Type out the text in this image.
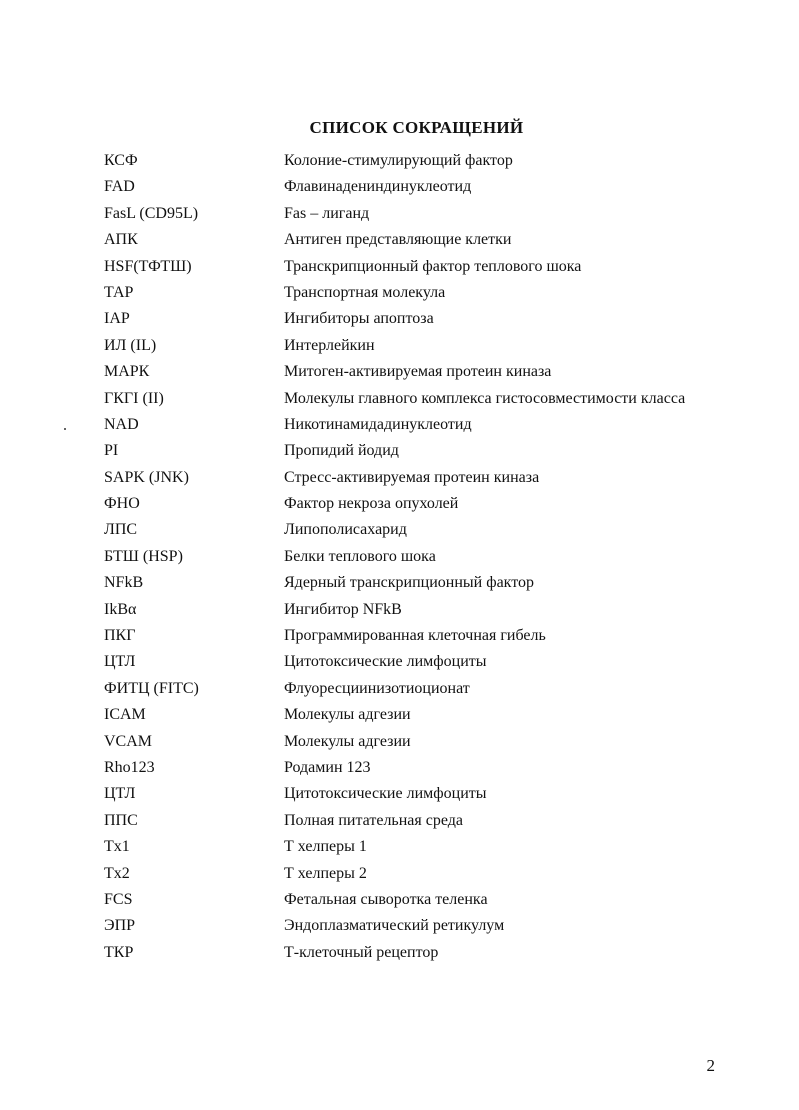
СПИСОК СОКРАЩЕНИЙ
КСФ	Колоние-стимулирующий фактор
FAD	Флавинадениндинуклеотид
FasL (CD95L)	Fas – лиганд
АПК	Антиген представляющие клетки
HSF(ТФТШ)	Транскрипционный фактор теплового шока
ТАР	Транспортная молекула
IAP	Ингибиторы апоптоза
ИЛ (IL)	Интерлейкин
МАРК	Митоген-активируемая протеин киназа
ГКГI (II)	Молекулы главного комплекса гистосовместимости класса
NAD	Никотинамидадинуклеотид
PI	Пропидий йодид
SAPK (JNK)	Стресс-активируемая протеин киназа
ФНО	Фактор некроза опухолей
ЛПС	Липополисахарид
БТШ (HSP)	Белки теплового шока
NFkB	Ядерный транскрипционный фактор
IkBα	Ингибитор NFkB
ПКГ	Программированная клеточная гибель
ЦТЛ	Цитотоксические лимфоциты
ФИТЦ (FITC)	Флуоресциинизотиоционат
ICAM	Молекулы адгезии
VCAM	Молекулы адгезии
Rho123	Родамин 123
ЦТЛ	Цитотоксические лимфоциты
ППС	Полная питательная среда
Tx1	Т хелперы 1
Tx2	Т хелперы 2
FCS	Фетальная сыворотка теленка
ЭПР	Эндоплазматический ретикулум
ТКР	Т-клеточный рецептор
2
